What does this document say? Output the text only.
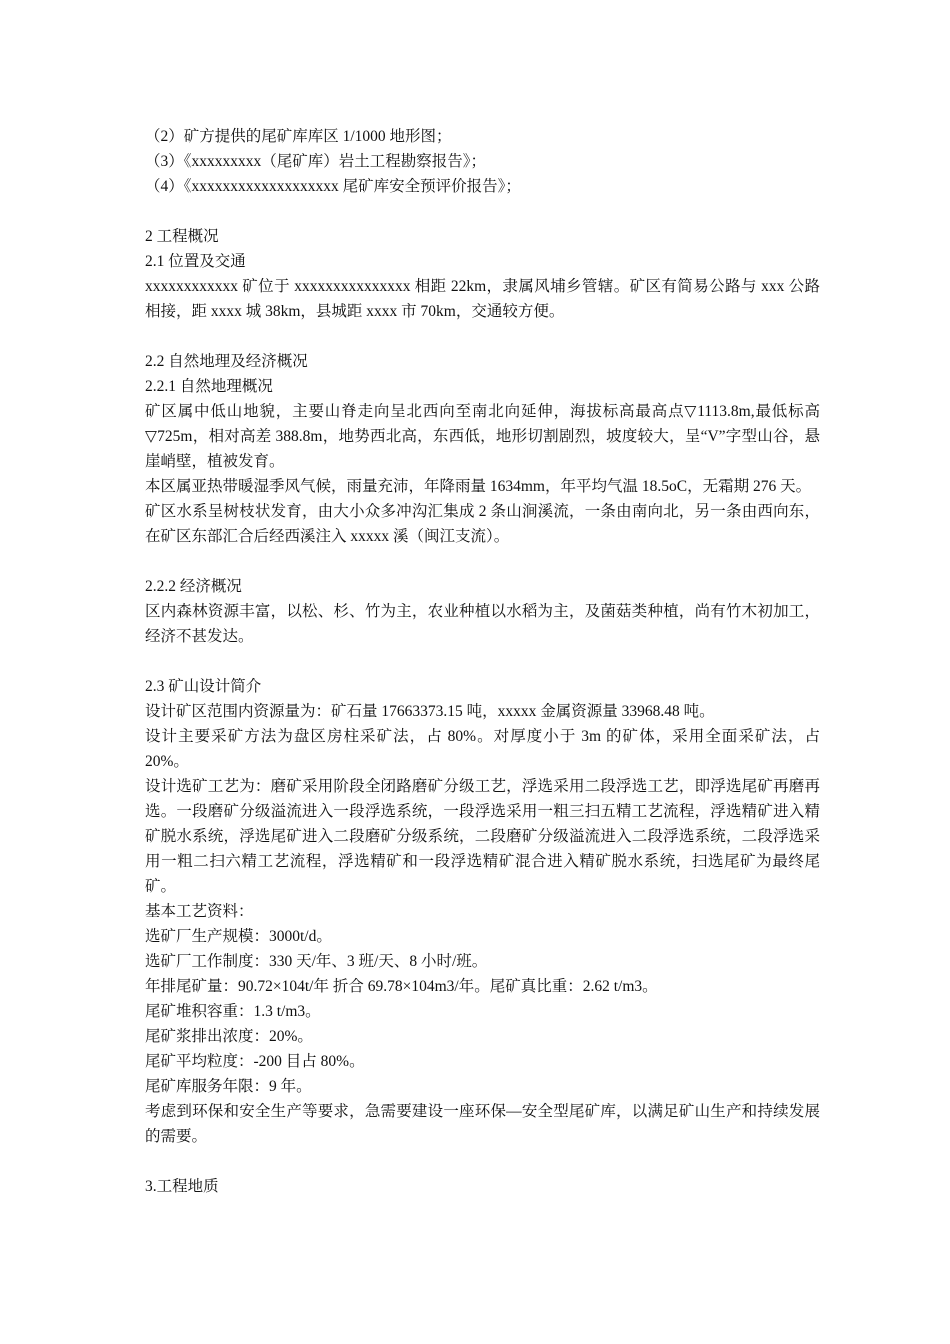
（2）矿方提供的尾矿库库区 1/1000 地形图；

（3）《xxxxxxxxx（尾矿库）岩土工程勘察报告》；

（4）《xxxxxxxxxxxxxxxxxxx 尾矿库安全预评价报告》；

2 工程概况

2.1 位置及交通

xxxxxxxxxxxx 矿位于 xxxxxxxxxxxxxxx 相距 22km，隶属风埔乡管辖。矿区有简易公路与 xxx 公路相接，距 xxxx 城 38km，县城距 xxxx 市 70km，交通较方便。

2.2 自然地理及经济概况

2.2.1 自然地理概况

矿区属中低山地貌，主要山脊走向呈北西向至南北向延伸，海拔标高最高点▽1113.8m,最低标高▽725m，相对高差 388.8m，地势西北高，东西低，地形切割剧烈，坡度较大，呈“V”字型山谷，悬崖峭壁，植被发育。

本区属亚热带暖湿季风气候，雨量充沛，年降雨量 1634mm，年平均气温 18.5oC，无霜期 276 天。

矿区水系呈树枝状发育，由大小众多冲沟汇集成 2 条山涧溪流，一条由南向北，另一条由西向东，在矿区东部汇合后经西溪注入 xxxxx 溪（闽江支流）。

2.2.2 经济概况

区内森林资源丰富，以松、杉、竹为主，农业种植以水稻为主，及菌菇类种植，尚有竹木初加工，经济不甚发达。

2.3 矿山设计简介

设计矿区范围内资源量为：矿石量 17663373.15 吨，xxxxx 金属资源量 33968.48 吨。

设计主要采矿方法为盘区房柱采矿法，占 80%。对厚度小于 3m 的矿体，采用全面采矿法，占 20%。

设计选矿工艺为：磨矿采用阶段全闭路磨矿分级工艺，浮选采用二段浮选工艺，即浮选尾矿再磨再选。一段磨矿分级溢流进入一段浮选系统，一段浮选采用一粗三扫五精工艺流程，浮选精矿进入精矿脱水系统，浮选尾矿进入二段磨矿分级系统，二段磨矿分级溢流进入二段浮选系统，二段浮选采用一粗二扫六精工艺流程，浮选精矿和一段浮选精矿混合进入精矿脱水系统，扫选尾矿为最终尾矿。

基本工艺资料：

选矿厂生产规模：3000t/d。

选矿厂工作制度：330 天/年、3 班/天、8 小时/班。

年排尾矿量：90.72×104t/年 折合 69.78×104m3/年。尾矿真比重：2.62 t/m3。

尾矿堆积容重：1.3 t/m3。

尾矿浆排出浓度：20%。

尾矿平均粒度：-200 目占 80%。

尾矿库服务年限：9 年。

考虑到环保和安全生产等要求，急需要建设一座环保—安全型尾矿库，以满足矿山生产和持续发展的需要。

3.工程地质
